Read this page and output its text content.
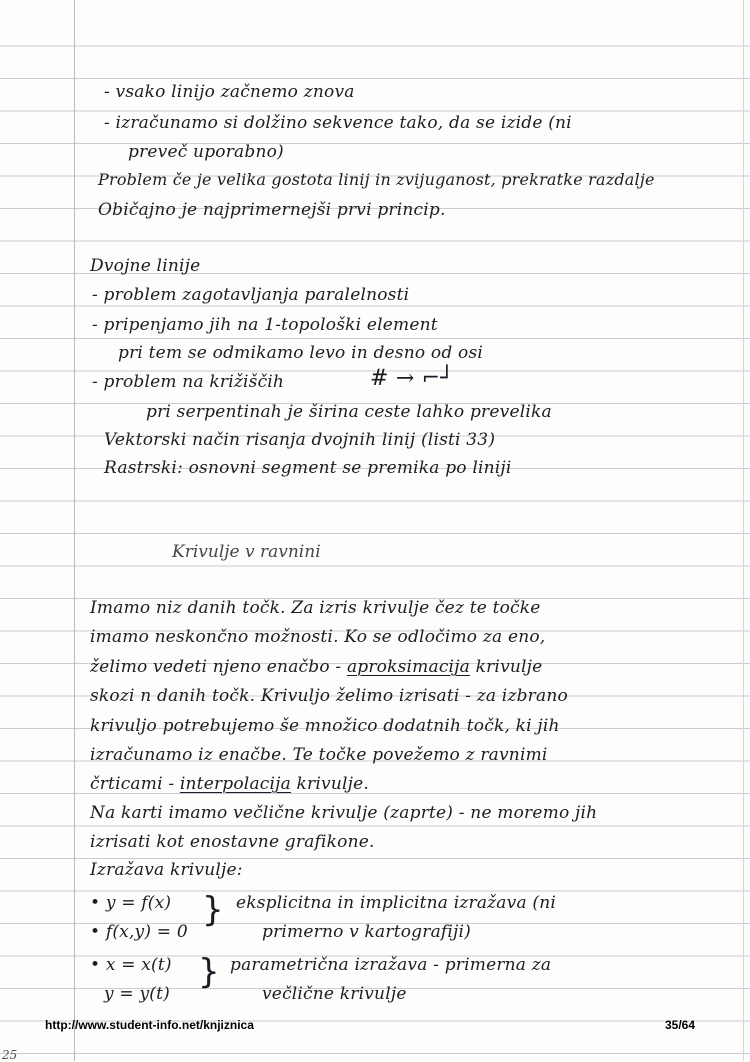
- vsako linijo začnemo znova
- izračunamo si dolžino sekvence tako, da se izide (ni
preveč uporabno)
Problem če je velika gostota linij in zvijuganost, prekratke razdalje
Običajno je najprimernejši prvi princip.
Dvojne linije
- problem zagotavljanja paralelnosti
- pripenjamo jih na 1-topološki element
pri tem se odmikamo levo in desno od osi
- problem na križiščih	# → ⌐┘
pri serpentinah je širina ceste lahko prevelika
Vektorski način risanja dvojnih linij (listi 33)
Rastrski: osnovni segment se premika po liniji
Krivulje v ravnini
Imamo niz danih točk. Za izris krivulje čez te točke
imamo neskončno možnosti. Ko se odločimo za eno,
želimo vedeti njeno enačbo - aproksimacija krivulje
skozi n danih točk. Krivuljo želimo izrisati - za izbrano
krivuljo potrebujemo še množico dodatnih točk, ki jih
izračunamo iz enačbe. Te točke povežemo z ravnimi
črticami - interpolacija krivulje.
Na karti imamo večlične krivulje (zaprte) - ne moremo jih
izrisati kot enostavne grafikone.
Izražava krivulje:
• y = f(x)
• f(x,y) = 0
} eksplicitna in implicitna izražava (ni
primerno v kartografiji)
• x = x(t)
y = y(t)
} parametrična izražava - primerna za
večlične krivulje
http://www.student-info.net/knjiznica	35/64
25
